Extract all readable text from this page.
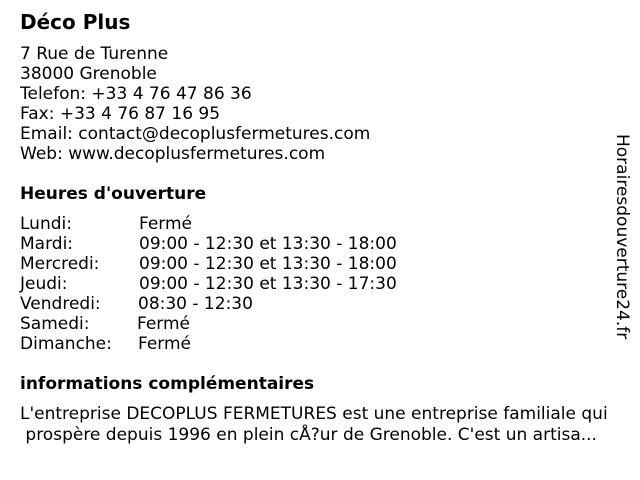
Déco Plus
7 Rue de Turenne
38000 Grenoble
Telefon: +33 4 76 47 86 36
Fax: +33 4 76 87 16 95
Email: contact@decoplusfermetures.com
Web: www.decoplusfermetures.com
Heures d'ouverture
Lundi:	Fermé
Mardi:	09:00 - 12:30 et 13:30 - 18:00
Mercredi: 09:00 - 12:30 et 13:30 - 18:00
Jeudi:	09:00 - 12:30 et 13:30 - 17:30
Vendredi: 08:30 - 12:30
Samedi:	Fermé
Dimanche: Fermé
informations complémentaires
L'entreprise DECOPLUS FERMETURES est une entreprise familiale qui
prospère depuis 1996 en plein cÅ?ur de Grenoble. C'est un artisa...
Horairesdouverture24.fr
